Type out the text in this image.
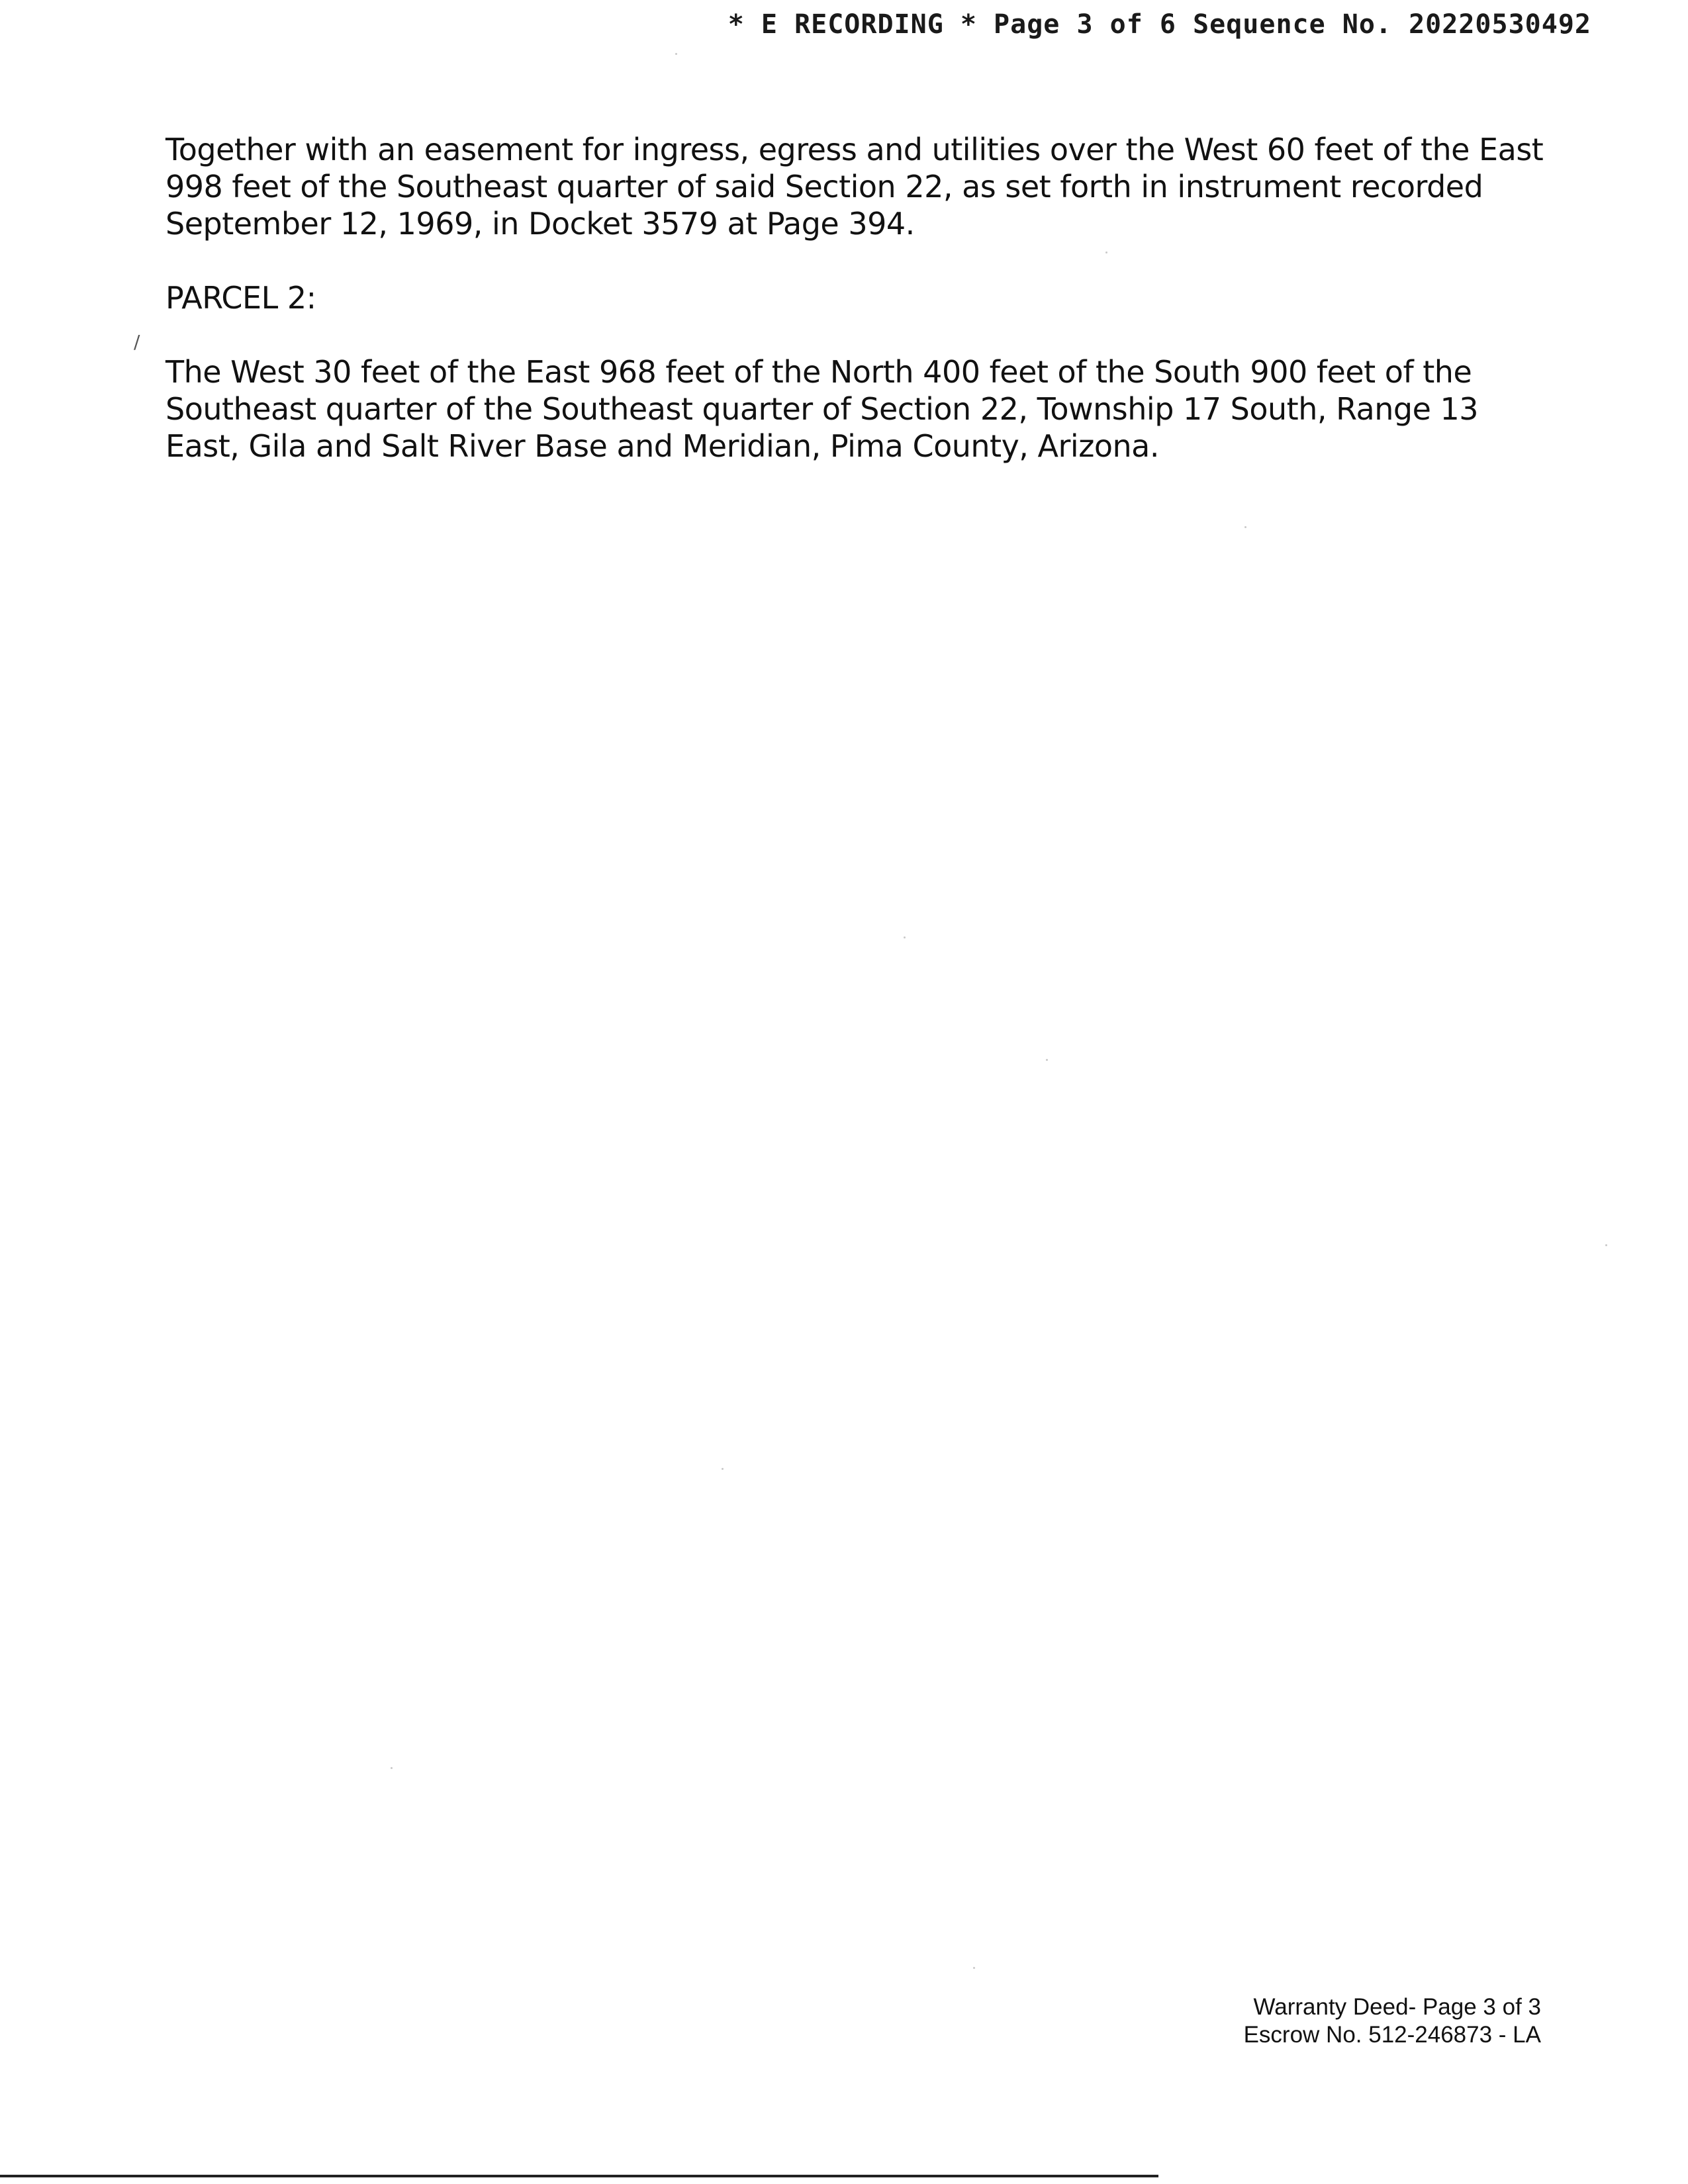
* E RECORDING * Page 3 of 6 Sequence No. 20220530492
Together with an easement for ingress, egress and utilities over the West 60 feet of the East 998 feet of the Southeast quarter of said Section 22, as set forth in instrument recorded September 12, 1969, in Docket 3579 at Page 394.
PARCEL 2:
/
The West 30 feet of the East 968 feet of the North 400 feet of the South 900 feet of the Southeast quarter of the Southeast quarter of Section 22, Township 17 South, Range 13 East, Gila and Salt River Base and Meridian, Pima County, Arizona.
Warranty Deed- Page 3 of 3
Escrow No. 512-246873 - LA
